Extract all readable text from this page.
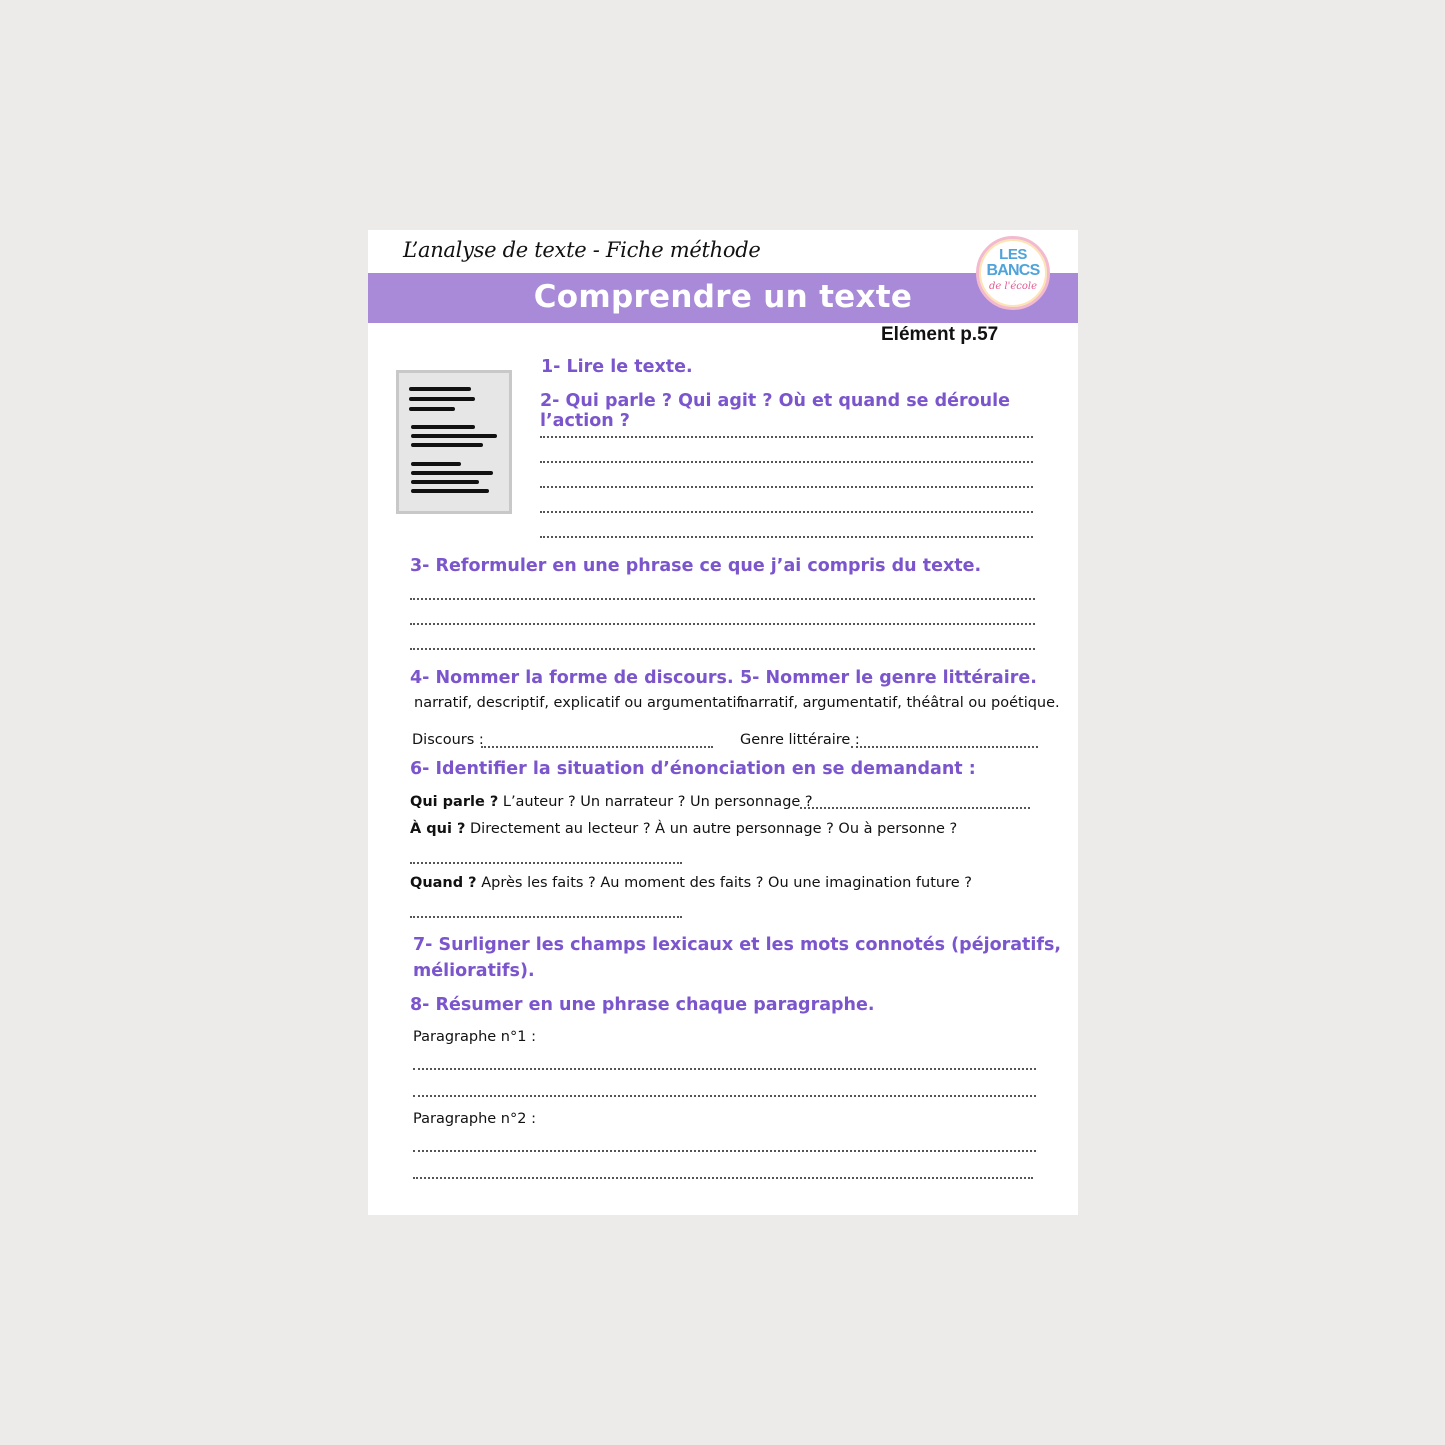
L’analyse de texte - Fiche méthode
Comprendre un texte
LES
BANCS
de l'école
Elément p.57
1- Lire le texte.
2- Qui parle ? Qui agit ? Où et quand se déroule l’action ?
3- Reformuler en une phrase ce que j’ai compris du texte.
4- Nommer la forme de discours.
narratif, descriptif, explicatif ou argumentatif.
Discours :
5- Nommer le genre littéraire.
narratif, argumentatif, théâtral ou poétique.
Genre littéraire :
6- Identifier la situation d’énonciation en se demandant :
Qui parle ? L’auteur ? Un narrateur ? Un personnage ?
À qui ? Directement au lecteur ? À un autre personnage ? Ou à personne ?
Quand ? Après les faits ? Au moment des faits ? Ou une imagination future ?
7- Surligner les champs lexicaux et les mots connotés (péjoratifs,
mélioratifs).
8- Résumer en une phrase chaque paragraphe.
Paragraphe n°1 :
Paragraphe n°2 :
